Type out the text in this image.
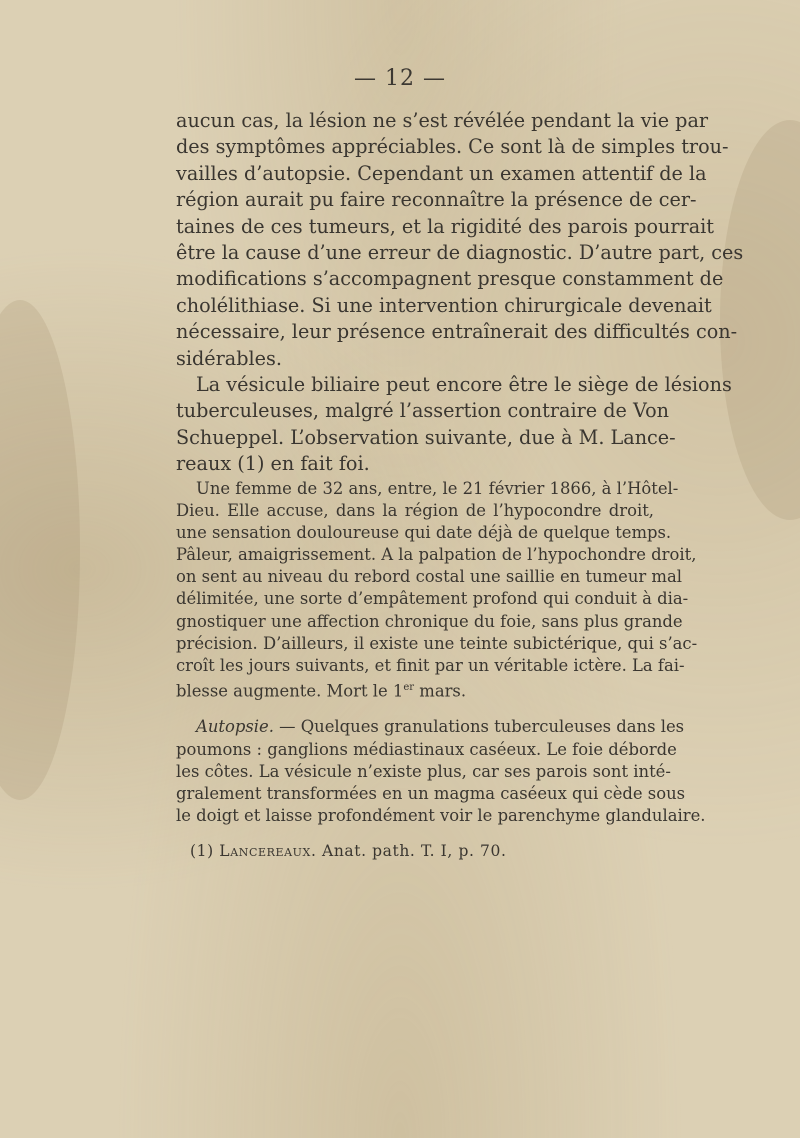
— 12 —

aucun cas, la lésion ne s’est révélée pendant la vie par
des symptômes appréciables. Ce sont là de simples trou-
vailles d’autopsie. Cependant un examen attentif de la
région aurait pu faire reconnaître la présence de cer-
taines de ces tumeurs, et la rigidité des parois pourrait
être la cause d’une erreur de diagnostic. D’autre part, ces
modifications s’accompagnent presque constamment de
cholélithiase. Si une intervention chirurgicale devenait
nécessaire, leur présence entraînerait des difficultés con-
sidérables.

La vésicule biliaire peut encore être le siège de lésions
tuberculeuses, malgré l’assertion contraire de Von
Schueppel. L’observation suivante, due à M. Lance-
reaux (1) en fait foi.

Une femme de 32 ans, entre, le 21 février 1866, à l’Hôtel-
Dieu. Elle accuse, dans la région de l’hypocondre droit,
une sensation douloureuse qui date déjà de quelque temps.
Pâleur, amaigrissement. A la palpation de l’hypochondre droit,
on sent au niveau du rebord costal une saillie en tumeur mal
délimitée, une sorte d’empâtement profond qui conduit à dia-
gnostiquer une affection chronique du foie, sans plus grande
précision. D’ailleurs, il existe une teinte subictérique, qui s’ac-
croît les jours suivants, et finit par un véritable ictère. La fai-
blesse augmente. Mort le 1er mars.

Autopsie. — Quelques granulations tuberculeuses dans les
poumons : ganglions médiastinaux caséeux. Le foie déborde
les côtes. La vésicule n’existe plus, car ses parois sont inté-
gralement transformées en un magma caséeux qui cède sous
le doigt et laisse profondément voir le parenchyme glandulaire.

(1) Lancereaux. Anat. path. T. I, p. 70.
